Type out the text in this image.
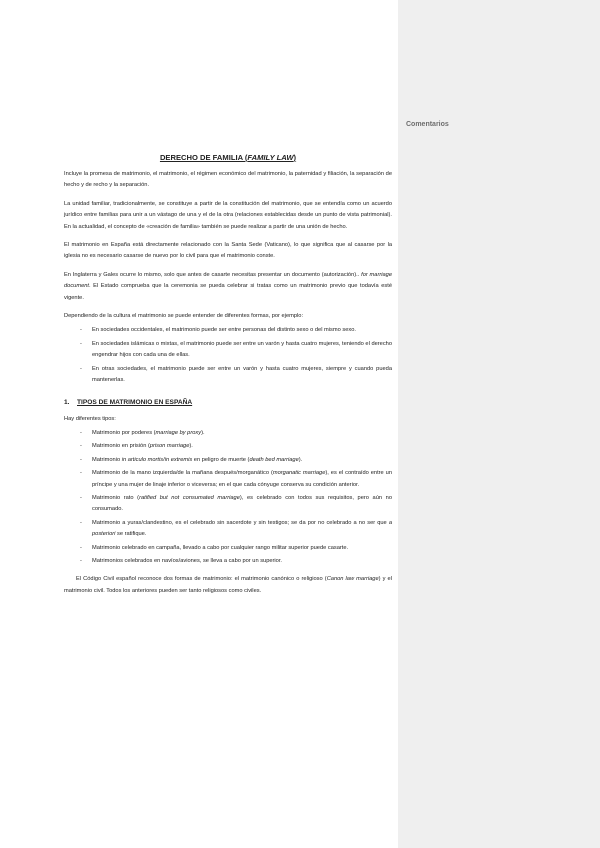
Comentarios
DERECHO DE FAMILIA (FAMILY LAW)

Incluye la promesa de matrimonio, el matrimonio, el régimen económico del matrimonio, la paternidad y filiación, la separación de hecho y de recho y la separación.

La unidad familiar, tradicionalmente, se constituye a partir de la constitución del matrimonio, que se entendía como un acuerdo jurídico entre familias para unir a un vástago de una y el de la otra (relaciones establecidas desde un punto de vista patrimonial). En la actualidad, el concepto de «creación de familia» también se puede realizar a partir de una unión de hecho.

El matrimonio en España está directamente relacionado con la Santa Sede (Vaticano), lo que significa que al casarse por la iglesia no es necesario casarse de nuevo por lo civil para que el matrimonio conste.

En Inglaterra y Gales ocurre lo mismo, solo que antes de casarte necesitas presentar un documento (autorización).. for marriage document. El Estado comprueba que la ceremonia se pueda celebrar si tratas como un matrimonio previo que todavía esté vigente.

Dependiendo de la cultura el matrimonio se puede entender de diferentes formas, por ejemplo:

- En sociedades occidentales, el matrimonio puede ser entre personas del distinto sexo o del mismo sexo.
- En sociedades islámicas o mixtas, el matrimonio puede ser entre un varón y hasta cuatro mujeres, teniendo el derecho engendrar hijos con cada una de ellas.
- En otras sociedades, el matrimonio puede ser entre un varón y hasta cuatro mujeres, siempre y cuando pueda mantenerlas.
1. TIPOS DE MATRIMONIO EN ESPAÑA

Hay diferentes tipos:

- Matrimonio por poderes (marriage by proxy).
- Matrimonio en prisión (prison marriage).
- Matrimonio in articulo mortis/in extremis en peligro de muerte (death bed marriage).
- Matrimonio de la mano izquierda/de la mañana después/morganático (morganatic marriage), es el contraído entre un príncipe y una mujer de linaje inferior o viceversa; en el que cada cónyuge conserva su condición anterior.
- Matrimonio rato (ratified but not consumated marriage), es celebrado con todos sus requisitos, pero aún no consumado.
- Matrimonio a yuras/clandestino, es el celebrado sin sacerdote y sin testigos; se da por no celebrado a no ser que a posteriori se ratifique.
- Matrimonio celebrado en campaña, llevado a cabo por cualquier rango militar superior puede casarte.
- Matrimonios celebrados en navíos/aviones, se lleva a cabo por un superior.

El Código Civil español reconoce dos formas de matrimonio: el matrimonio canónico o religioso (Canon law marriage) y el matrimonio civil. Todos los anteriores pueden ser tanto religiosos como civiles.
